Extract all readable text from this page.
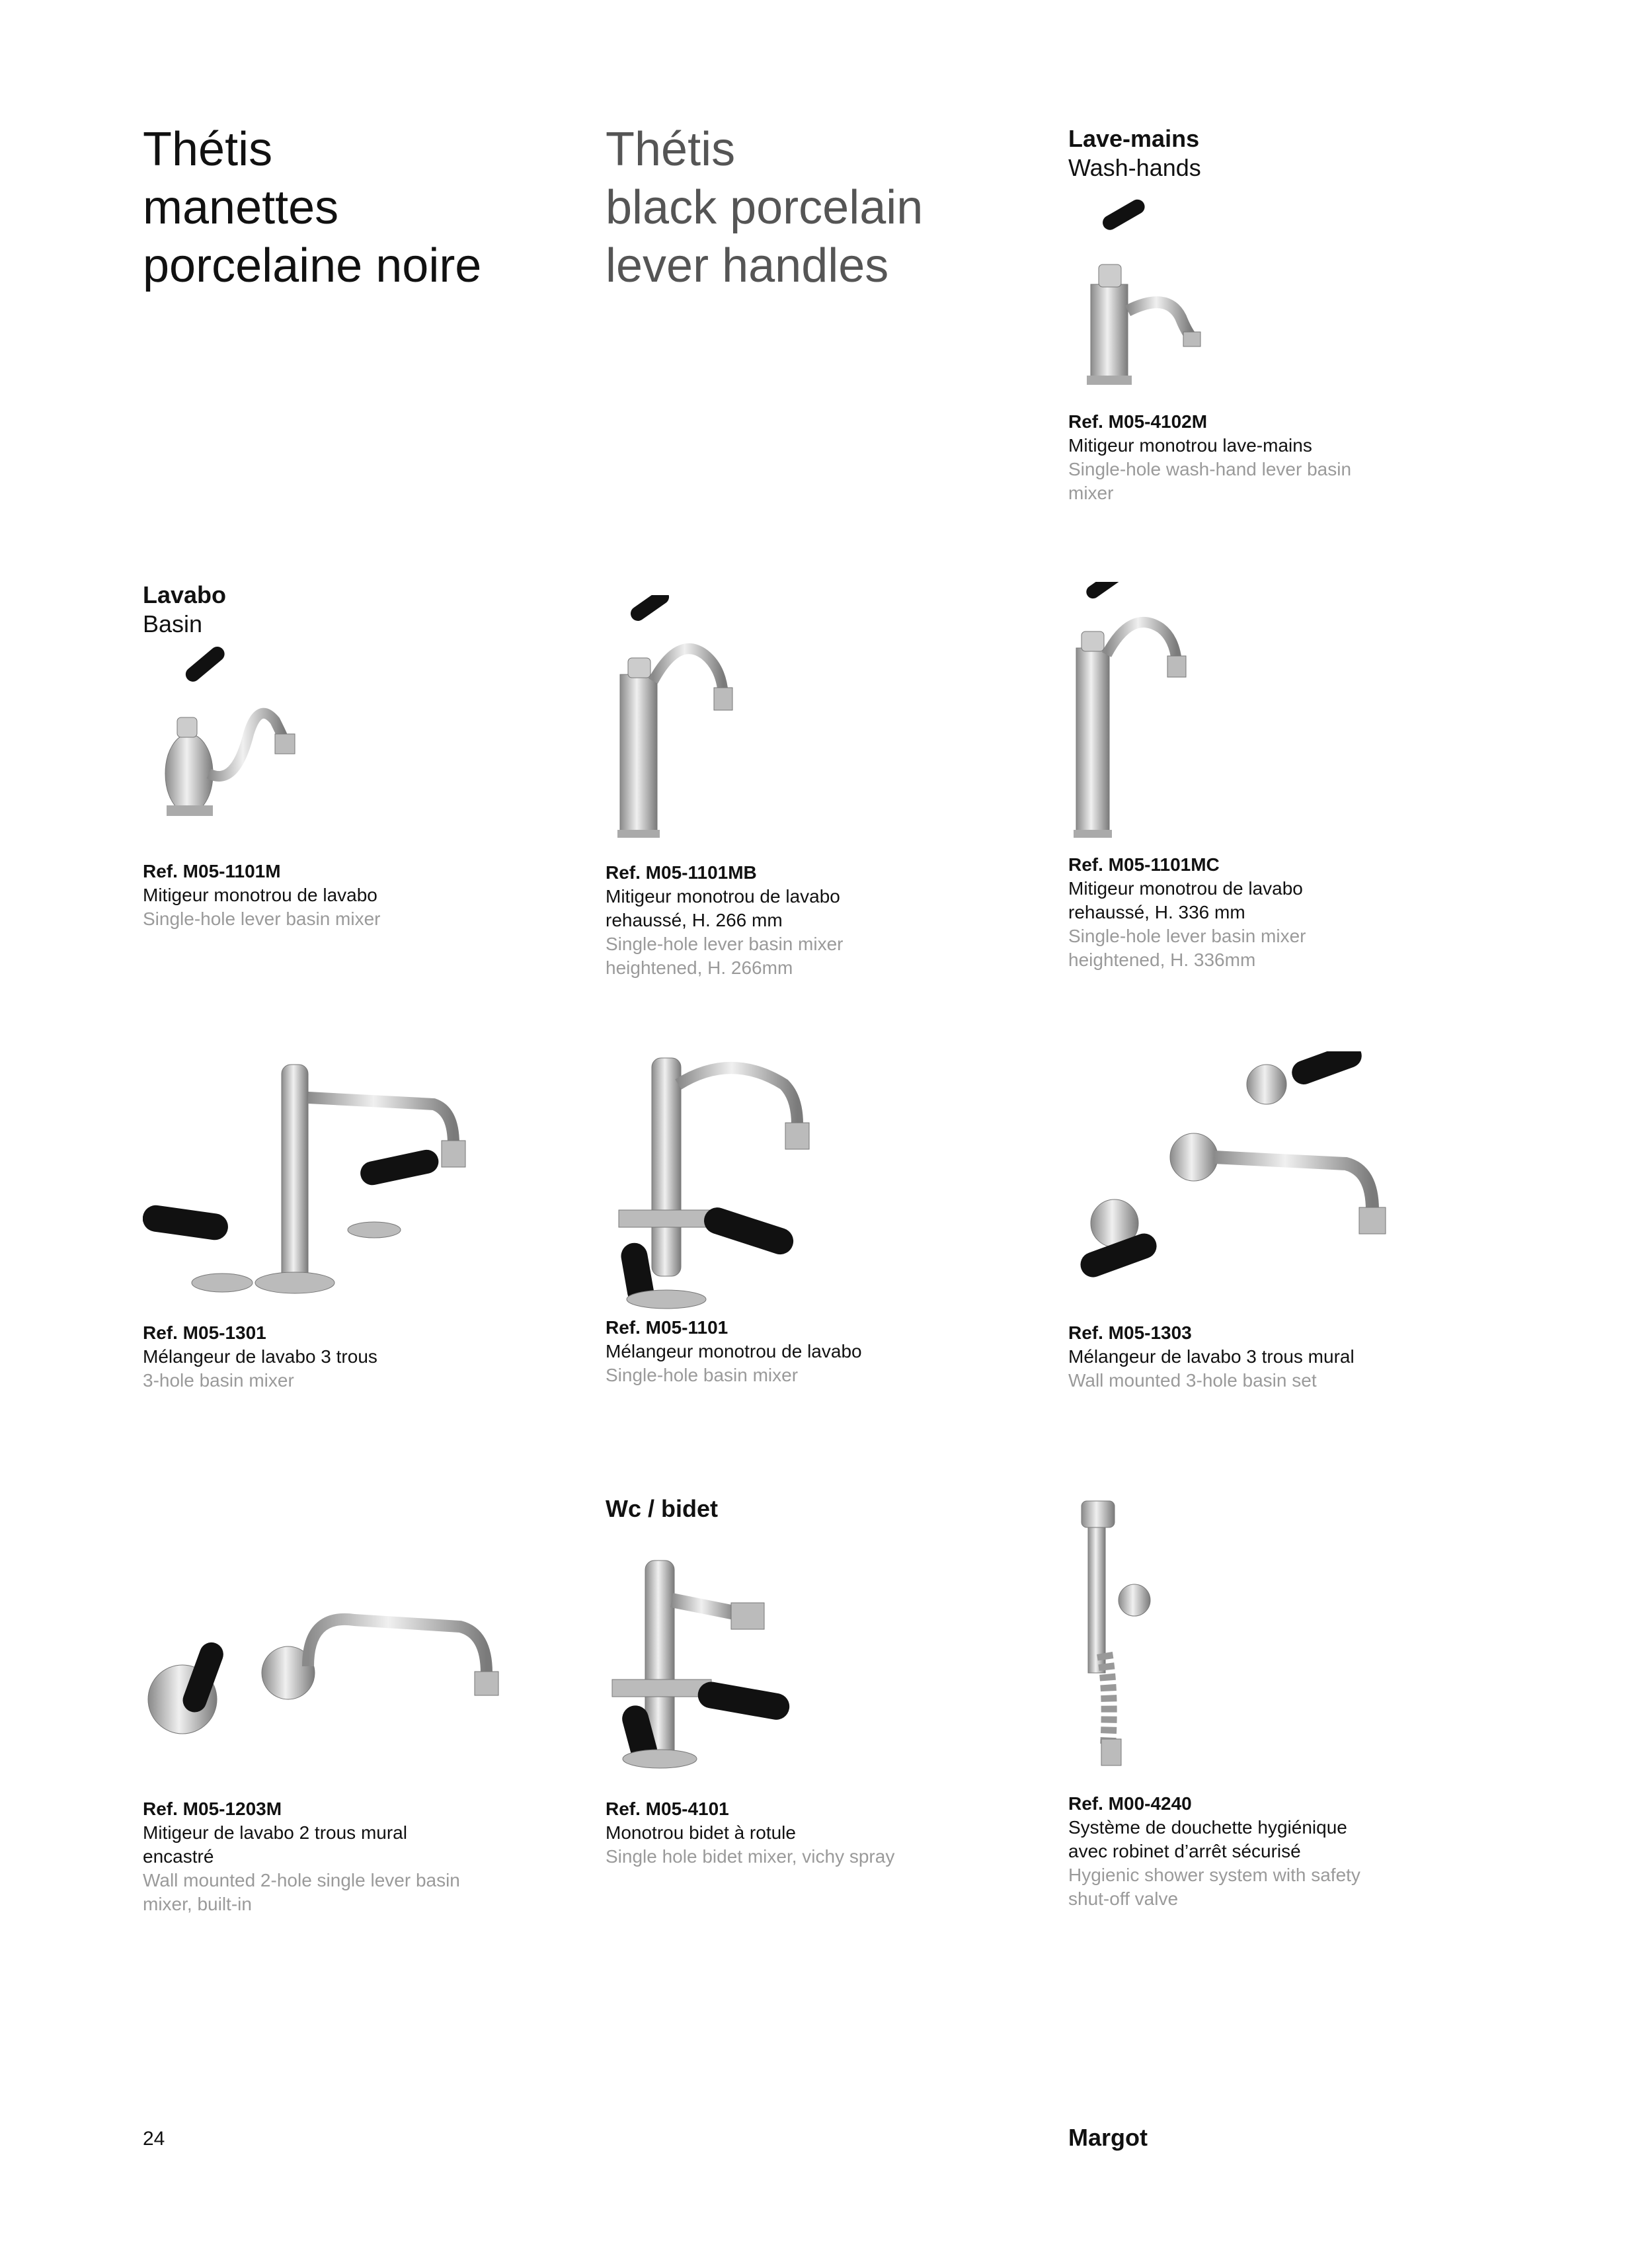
Thétis
manettes
porcelaine noire
Thétis
black porcelain
lever handles
Lave-mains
Wash-hands
Lavabo
Basin
Wc / bidet
Ref. M05-4102M
Mitigeur monotrou lave-mains
Single-hole wash-hand lever basin mixer
Ref. M05-1101M
Mitigeur monotrou de lavabo
Single-hole lever basin mixer
Ref. M05-1101MB
Mitigeur monotrou de lavabo rehaussé, H. 266 mm
Single-hole lever basin mixer heightened, H. 266mm
Ref. M05-1101MC
Mitigeur monotrou de lavabo rehaussé, H. 336 mm
Single-hole lever basin mixer heightened, H. 336mm
Ref. M05-1301
Mélangeur de lavabo 3 trous
3-hole basin mixer
Ref. M05-1101
Mélangeur monotrou de lavabo
Single-hole basin mixer
Ref. M05-1303
Mélangeur de lavabo 3 trous mural
Wall mounted 3-hole basin set
Ref. M05-1203M
Mitigeur de lavabo 2 trous mural encastré
Wall mounted 2-hole single lever basin mixer, built-in
Ref. M05-4101
Monotrou bidet à rotule
Single hole bidet mixer, vichy spray
Ref. M00-4240
Système de douchette hygiénique avec robinet d’arrêt sécurisé
Hygienic shower system with safety shut-off valve
24	Margot
